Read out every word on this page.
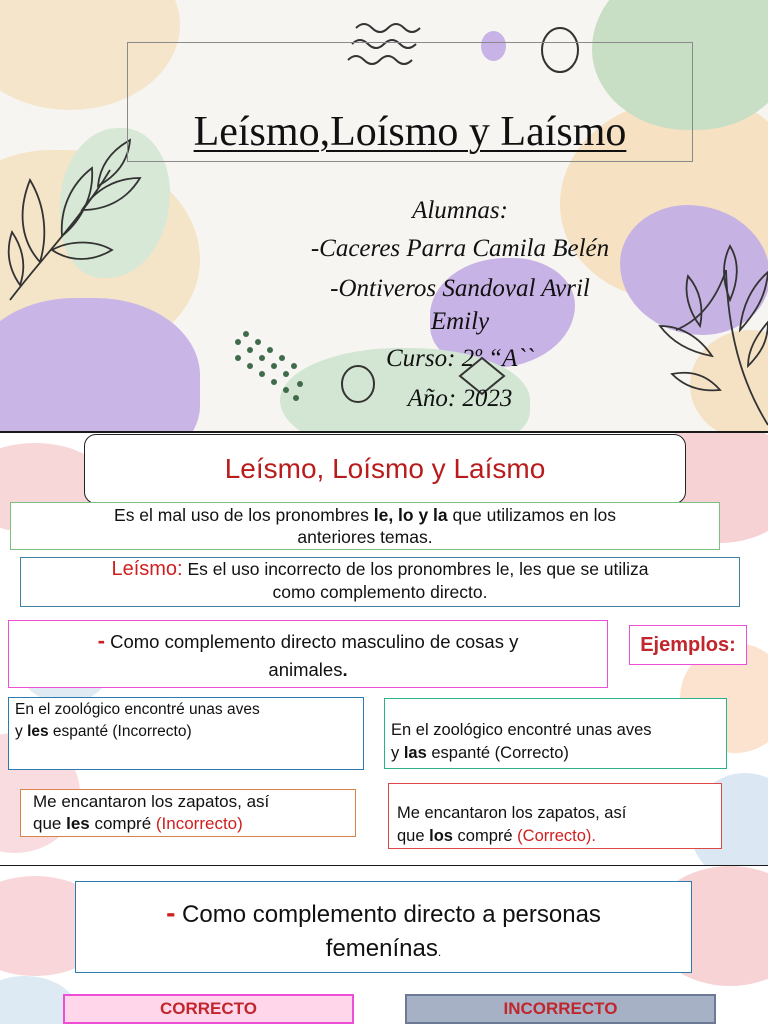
Leísmo,Loísmo y Laísmo
Alumnas:
-Caceres Parra Camila Belén
-Ontiveros Sandoval Avril
Emily
Curso: 2º “A``
Año: 2023
Leísmo, Loísmo y Laísmo
Es el mal uso de los pronombres le, lo y la que utilizamos en los
anteriores temas.
Leísmo: Es el uso incorrecto de los pronombres le, les que se utiliza
como complemento directo.
- Como complemento directo masculino de cosas y
animales.
Ejemplos:
En el zoológico encontré unas aves
y les espanté (Incorrecto)	En el zoológico encontré unas aves
y las espanté (Correcto)
Me encantaron los zapatos, así
que les compré (Incorrecto)
Me encantaron los zapatos, así
que los compré (Correcto).
- Como complemento directo a personas
femenínas.
CORRECTO	INCORRECTO
